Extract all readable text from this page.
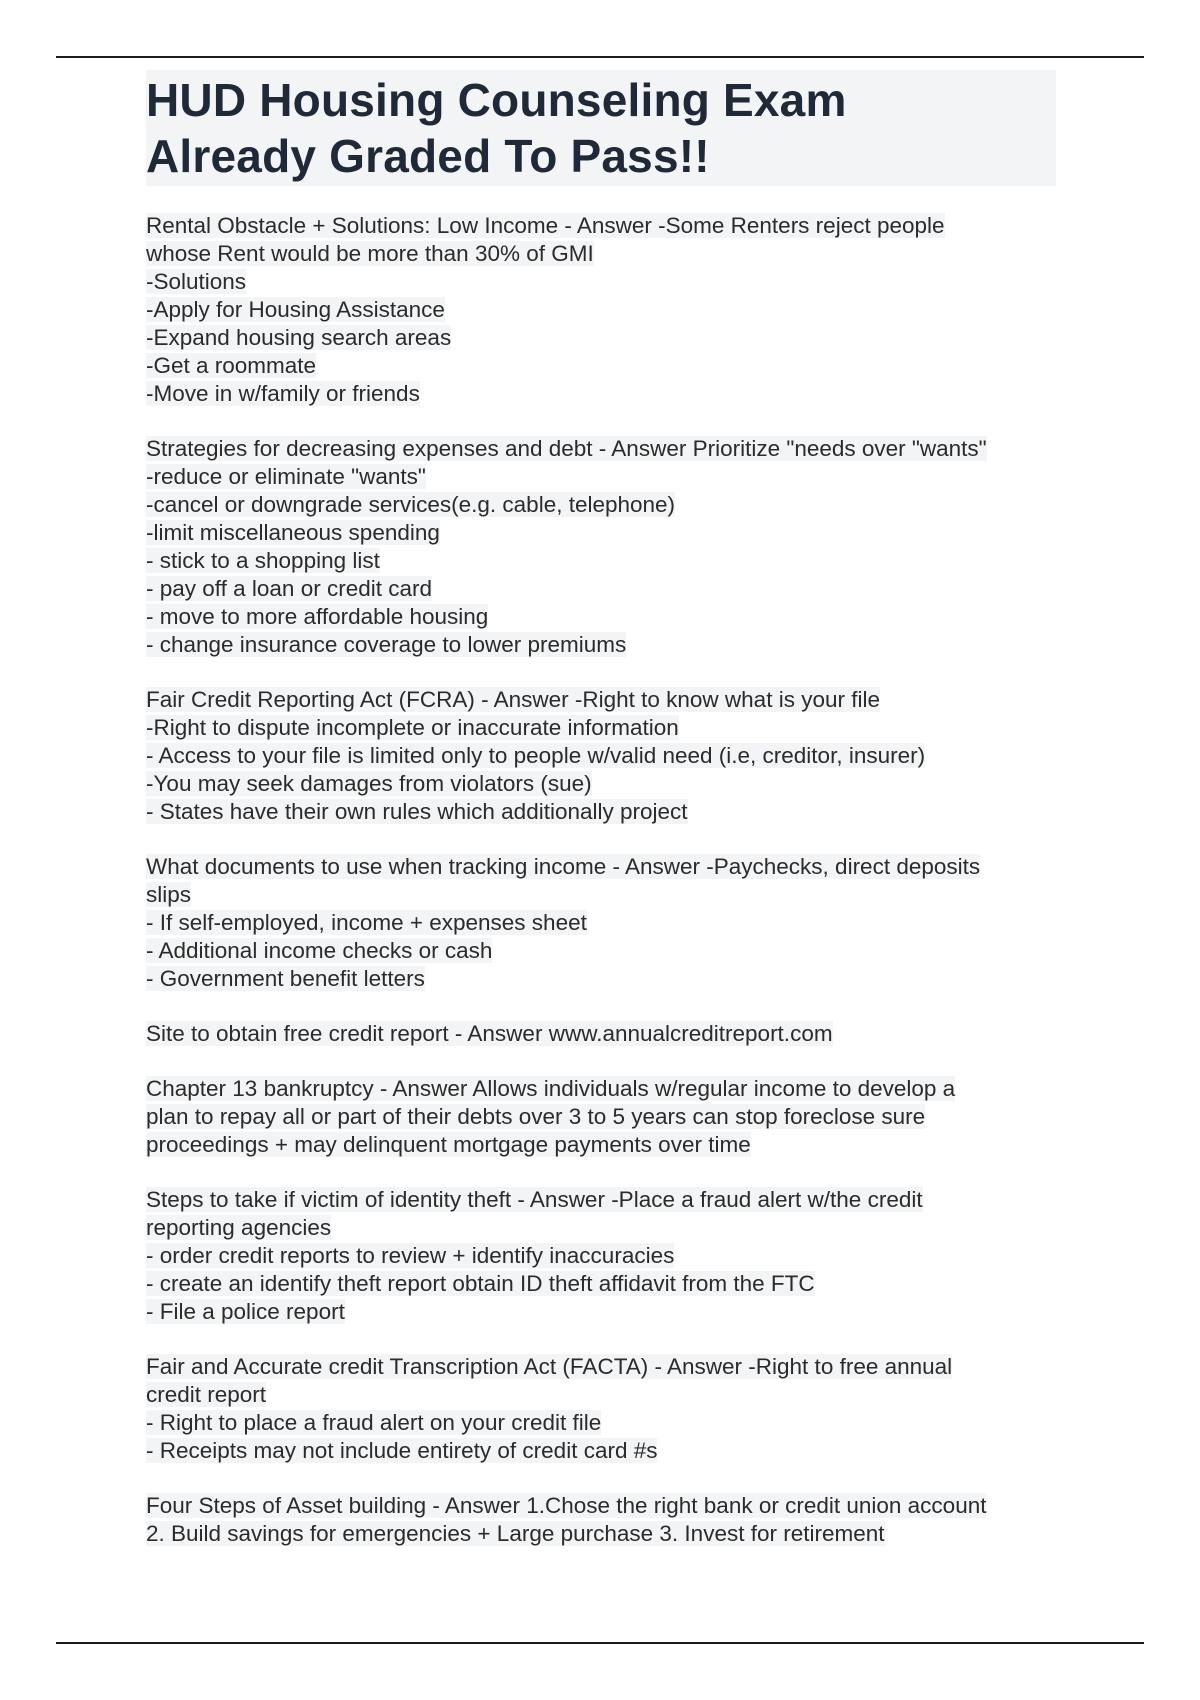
HUD Housing Counseling Exam
Already Graded To Pass!!
Rental Obstacle + Solutions: Low Income - Answer -Some Renters reject people
whose Rent would be more than 30% of GMI
-Solutions
-Apply for Housing Assistance
-Expand housing search areas
-Get a roommate
-Move in w/family or friends
Strategies for decreasing expenses and debt - Answer Prioritize "needs over "wants"
-reduce or eliminate "wants"
-cancel or downgrade services(e.g. cable, telephone)
-limit miscellaneous spending
- stick to a shopping list
- pay off a loan or credit card
- move to more affordable housing
- change insurance coverage to lower premiums
Fair Credit Reporting Act (FCRA) - Answer -Right to know what is your file
-Right to dispute incomplete or inaccurate information
- Access to your file is limited only to people w/valid need (i.e, creditor, insurer)
-You may seek damages from violators (sue)
- States have their own rules which additionally project
What documents to use when tracking income - Answer -Paychecks, direct deposits
slips
- If self-employed, income + expenses sheet
- Additional income checks or cash
- Government benefit letters
Site to obtain free credit report - Answer www.annualcreditreport.com
Chapter 13 bankruptcy - Answer Allows individuals w/regular income to develop a
plan to repay all or part of their debts over 3 to 5 years can stop foreclose sure
proceedings + may delinquent mortgage payments over time
Steps to take if victim of identity theft - Answer -Place a fraud alert w/the credit
reporting agencies
- order credit reports to review + identify inaccuracies
- create an identify theft report obtain ID theft affidavit from the FTC
- File a police report
Fair and Accurate credit Transcription Act (FACTA) - Answer -Right to free annual
credit report
- Right to place a fraud alert on your credit file
- Receipts may not include entirety of credit card #s
Four Steps of Asset building - Answer 1.Chose the right bank or credit union account
2. Build savings for emergencies + Large purchase 3. Invest for retirement
